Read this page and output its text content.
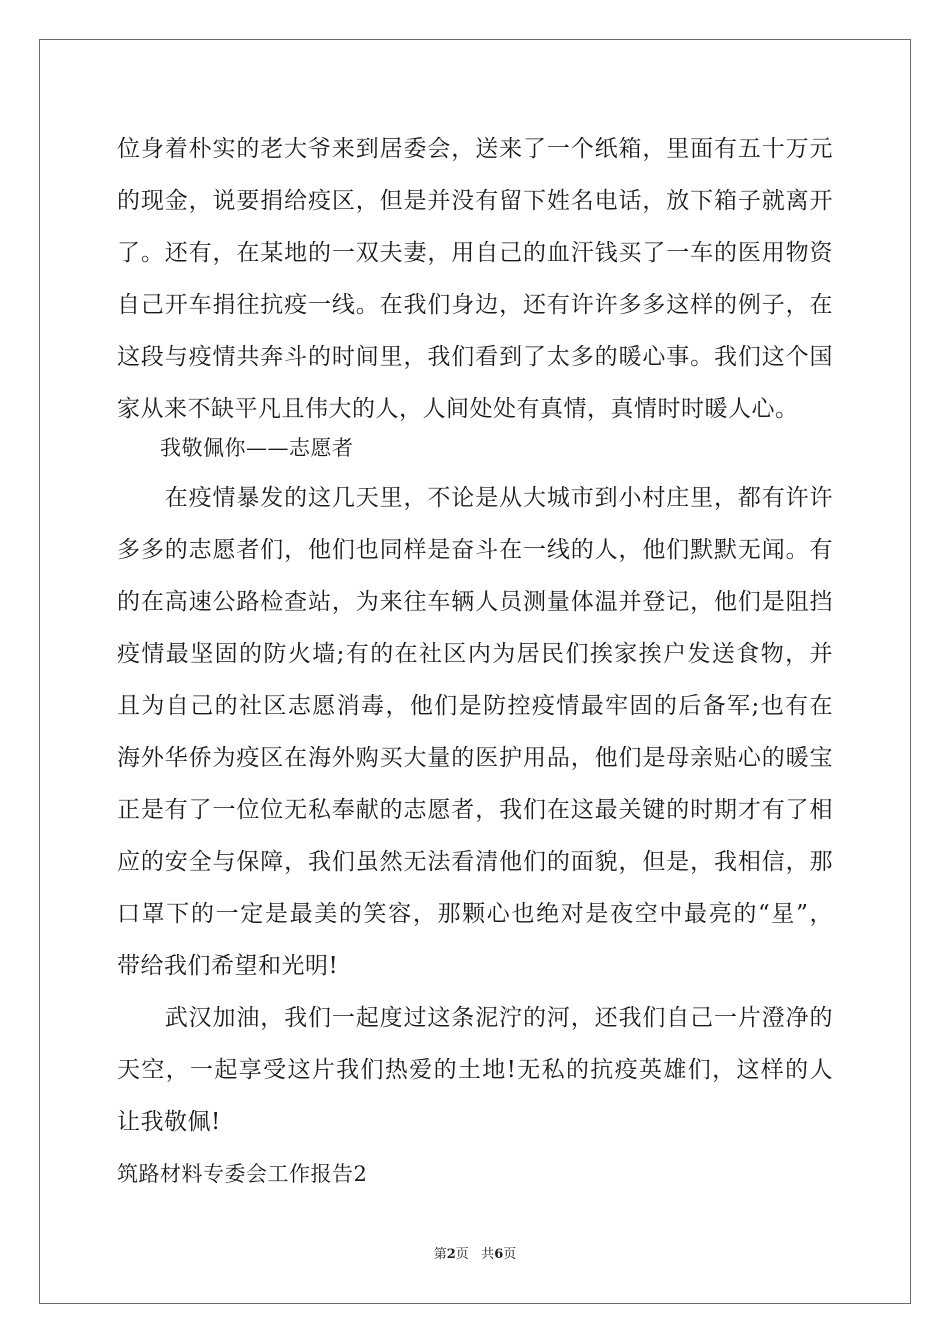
位身着朴实的老大爷来到居委会，送来了一个纸箱，里面有五十万元
的现金，说要捐给疫区，但是并没有留下姓名电话，放下箱子就离开
了。还有，在某地的一双夫妻，用自己的血汗钱买了一车的医用物资
自己开车捐往抗疫一线。在我们身边，还有许许多多这样的例子，在
这段与疫情共奔斗的时间里，我们看到了太多的暖心事。我们这个国
家从来不缺平凡且伟大的人，人间处处有真情，真情时时暖人心。
　　我敬佩你——志愿者
　　在疫情暴发的这几天里，不论是从大城市到小村庄里，都有许许
多多的志愿者们，他们也同样是奋斗在一线的人，他们默默无闻。有
的在高速公路检查站，为来往车辆人员测量体温并登记，他们是阻挡
疫情最坚固的防火墙;有的在社区内为居民们挨家挨户发送食物，并
且为自己的社区志愿消毒，他们是防控疫情最牢固的后备军;也有在
海外华侨为疫区在海外购买大量的医护用品，他们是母亲贴心的暖宝
正是有了一位位无私奉献的志愿者，我们在这最关键的时期才有了相
应的安全与保障，我们虽然无法看清他们的面貌，但是，我相信，那
口罩下的一定是最美的笑容，那颗心也绝对是夜空中最亮的“星”，
带给我们希望和光明!
　　武汉加油，我们一起度过这条泥泞的河，还我们自己一片澄净的
天空，一起享受这片我们热爱的土地!无私的抗疫英雄们，这样的人
让我敬佩!
筑路材料专委会工作报告2
第2页 共6页
